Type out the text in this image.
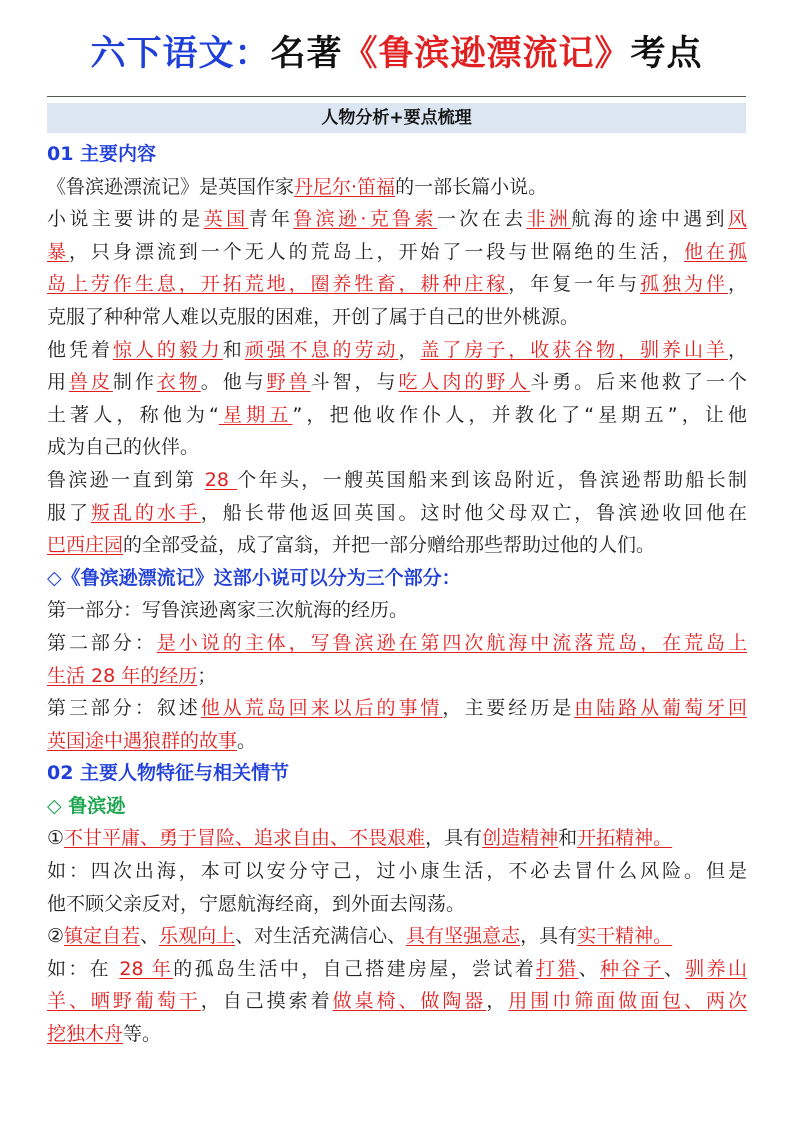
六下语文：名著《鲁滨逊漂流记》考点
人物分析+要点梳理

01 主要内容

《鲁滨逊漂流记》是英国作家丹尼尔·笛福的一部长篇小说。

小说主要讲的是英国青年鲁滨逊·克鲁索一次在去非洲航海的途中遇到风

暴，只身漂流到一个无人的荒岛上，开始了一段与世隔绝的生活，他在孤

岛上劳作生息，开拓荒地，圈养牲畜，耕种庄稼，年复一年与孤独为伴，

克服了种种常人难以克服的困难，开创了属于自己的世外桃源。

他凭着惊人的毅力和顽强不息的劳动，盖了房子，收获谷物，驯养山羊，

用兽皮制作衣物。他与野兽斗智，与吃人肉的野人斗勇。后来他救了一个

土著人，称他为“星期五”，把他收作仆人，并教化了“星期五”，让他

成为自己的伙伴。

鲁滨逊一直到第 28 个年头，一艘英国船来到该岛附近，鲁滨逊帮助船长制

服了叛乱的水手，船长带他返回英国。这时他父母双亡，鲁滨逊收回他在

巴西庄园的全部受益，成了富翁，并把一部分赠给那些帮助过他的人们。

◇《鲁滨逊漂流记》这部小说可以分为三个部分：

第一部分：写鲁滨逊离家三次航海的经历。

第二部分：是小说的主体，写鲁滨逊在第四次航海中流落荒岛，在荒岛上

生活 28 年的经历；

第三部分：叙述他从荒岛回来以后的事情，主要经历是由陆路从葡萄牙回

英国途中遇狼群的故事。

02 主要人物特征与相关情节

◇ 鲁滨逊

①不甘平庸、勇于冒险、追求自由、不畏艰难，具有创造精神和开拓精神。

如：四次出海，本可以安分守己，过小康生活，不必去冒什么风险。但是

他不顾父亲反对，宁愿航海经商，到外面去闯荡。

②镇定自若、乐观向上、对生活充满信心、具有坚强意志，具有实干精神。

如：在 28 年的孤岛生活中，自己搭建房屋，尝试着打猎、种谷子、驯养山

羊、晒野葡萄干，自己摸索着做桌椅、做陶器，用围巾筛面做面包、两次

挖独木舟等。
